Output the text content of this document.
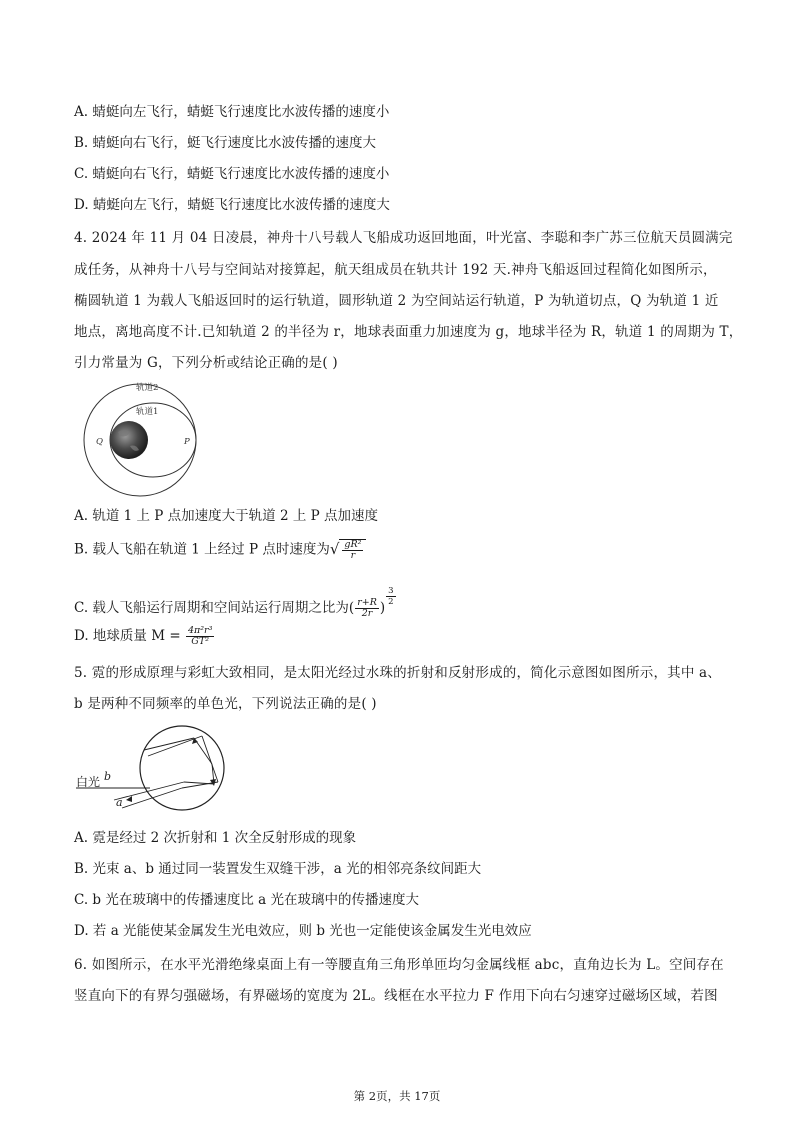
A. 蜻蜓向左飞行，蜻蜓飞行速度比水波传播的速度小
B. 蜻蜓向右飞行，蜓飞行速度比水波传播的速度大
C. 蜻蜓向右飞行，蜻蜓飞行速度比水波传播的速度小
D. 蜻蜓向左飞行，蜻蜓飞行速度比水波传播的速度大
4. 2024 年 11 月 04 日凌晨，神舟十八号载人飞船成功返回地面，叶光富、李聪和李广苏三位航天员圆满完
成任务，从神舟十八号与空间站对接算起，航天组成员在轨共计 192 天.神舟飞船返回过程简化如图所示，
椭圆轨道 1 为载人飞船返回时的运行轨道，圆形轨道 2 为空间站运行轨道，P 为轨道切点，Q 为轨道 1 近
地点，离地高度不计.已知轨道 2 的半径为 r，地球表面重力加速度为 g，地球半径为 R，轨道 1 的周期为 T，
引力常量为 G，下列分析或结论正确的是( )
轨道2
轨道1
Q	P
A. 轨道 1 上 P 点加速度大于轨道 2 上 P 点加速度
B. 载人飞船在轨道 1 上经过 P 点时速度为√ $\frac{\text{gR²}}{r}$
C. 载人飞船运行周期和空间站运行周期之比为( $\frac{r+R}{2r}$ )
$\frac{3}{2}$
D. 地球质量 $M = \frac{\text{4π²r³}}{\text{GT²}}$
5. 霓的形成原理与彩虹大致相同，是太阳光经过水珠的折射和反射形成的，简化示意图如图所示，其中 a、
b 是两种不同频率的单色光，下列说法正确的是( )
白光 b
a
A. 霓是经过 2 次折射和 1 次全反射形成的现象
B. 光束 a、b 通过同一装置发生双缝干涉，a 光的相邻亮条纹间距大
C. b 光在玻璃中的传播速度比 a 光在玻璃中的传播速度大
D. 若 a 光能使某金属发生光电效应，则 b 光也一定能使该金属发生光电效应
6. 如图所示，在水平光滑绝缘桌面上有一等腰直角三角形单匝均匀金属线框 abc，直角边长为 L。空间存在
竖直向下的有界匀强磁场，有界磁场的宽度为 2L。线框在水平拉力 F 作用下向右匀速穿过磁场区域，若图
第 2页，共 17页
